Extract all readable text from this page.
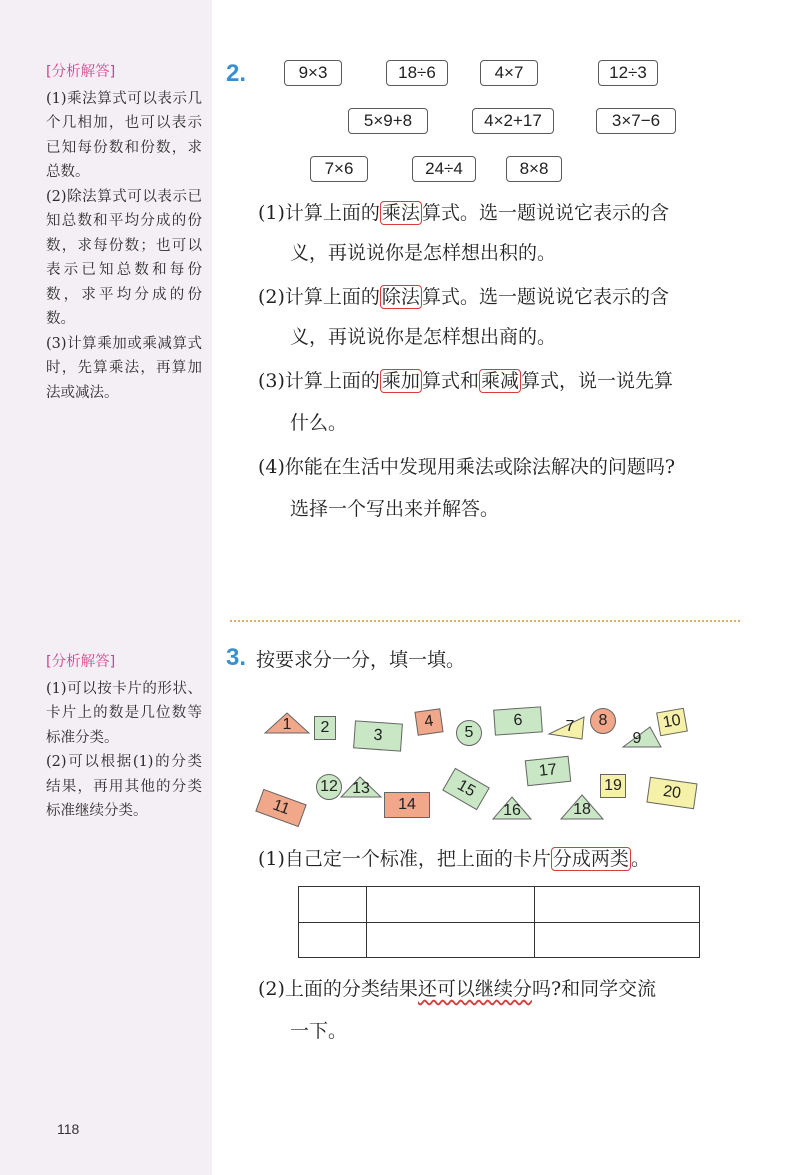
[分析解答]
(1)乘法算式可以表示几个几相加，也可以表示已知每份数和份数，求总数。
(2)除法算式可以表示已知总数和平均分成的份数，求每份数；也可以表示已知总数和每份数，求平均分成的份数。
(3)计算乘加或乘减算式时，先算乘法，再算加法或减法。
[分析解答]
(1)可以按卡片的形状、卡片上的数是几位数等标准分类。
(2)可以根据(1)的分类结果，再用其他的分类标准继续分类。
118
2.	9×3	18÷6	4×7	12÷3
5×9+8	4×2+17	3×7−6
7×6	24÷4	8×8
(1)计算上面的 乘法 算式。选一题说说它表示的含
义，再说说你是怎样想出积的。
(2)计算上面的 除法 算式。选一题说说它表示的含
义，再说说你是怎样想出商的。
(3)计算上面的 乘加 算式和 乘减 算式，说一说先算
什么。
(4)你能在生活中发现用乘法或除法解决的问题吗?
选择一个写出来并解答。
3. 按要求分一分，填一填。
1	2	3
4
5
6	7	8
9
10
11
12 13
14
15
16
17
18
19	20
(1)自己定一个标准，把上面的卡片 分成两类 。

(2)上面的分类结果还可以继续分吗?和同学交流
一下。
